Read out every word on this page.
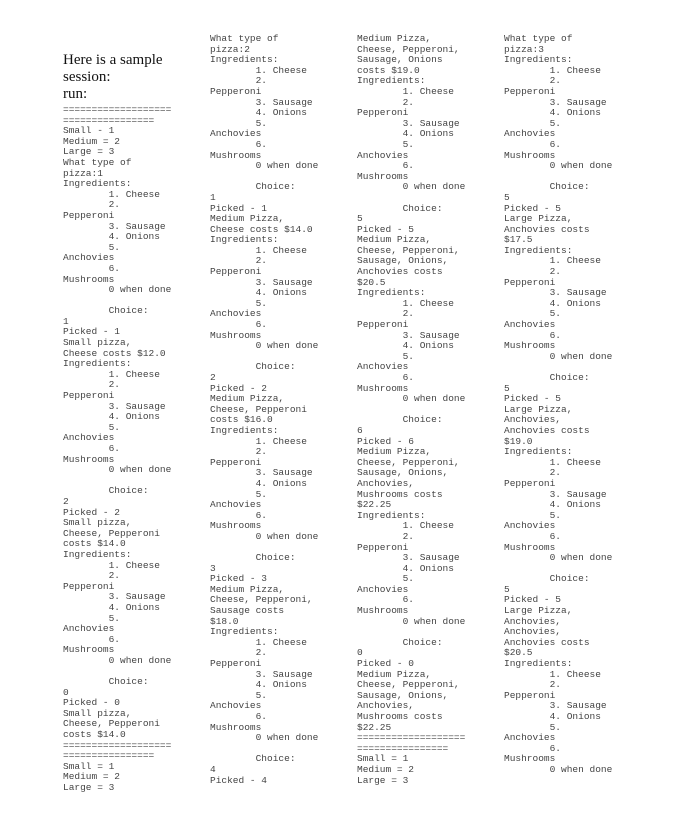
Here is a sample
session:
run:
===================
================
Small - 1
Medium = 2
Large = 3
What type of
pizza:1
Ingredients:
1. Cheese
2.
Pepperoni
3. Sausage
4. Onions
5.
Anchovies
6.
Mushrooms
0 when done

Choice:
1
Picked - 1
Small pizza,
Cheese costs $12.0
Ingredients:
1. Cheese
2.
Pepperoni
3. Sausage
4. Onions
5.
Anchovies
6.
Mushrooms
0 when done

Choice:
2
Picked - 2
Small pizza,
Cheese, Pepperoni
costs $14.0
Ingredients:
1. Cheese
2.
Pepperoni
3. Sausage
4. Onions
5.
Anchovies
6.
Mushrooms
0 when done

Choice:
0
Picked - 0
Small pizza,
Cheese, Pepperoni
costs $14.0
===================
================
Small = 1
Medium = 2
Large = 3
What type of
pizza:2
Ingredients:
1. Cheese
2.
Pepperoni
3. Sausage
4. Onions
5.
Anchovies
6.
Mushrooms
0 when done

Choice:
1
Picked - 1
Medium Pizza,
Cheese costs $14.0
Ingredients:
1. Cheese
2.
Pepperoni
3. Sausage
4. Onions
5.
Anchovies
6.
Mushrooms
0 when done

Choice:
2
Picked - 2
Medium Pizza,
Cheese, Pepperoni
costs $16.0
Ingredients:
1. Cheese
2.
Pepperoni
3. Sausage
4. Onions
5.
Anchovies
6.
Mushrooms
0 when done

Choice:
3
Picked - 3
Medium Pizza,
Cheese, Pepperoni,
Sausage costs
$18.0
Ingredients:
1. Cheese
2.
Pepperoni
3. Sausage
4. Onions
5.
Anchovies
6.
Mushrooms
0 when done

Choice:
4
Picked - 4
Medium Pizza,
Cheese, Pepperoni,
Sausage, Onions
costs $19.0
Ingredients:
1. Cheese
2.
Pepperoni
3. Sausage
4. Onions
5.
Anchovies
6.
Mushrooms
0 when done

Choice:
5
Picked - 5
Medium Pizza,
Cheese, Pepperoni,
Sausage, Onions,
Anchovies costs
$20.5
Ingredients:
1. Cheese
2.
Pepperoni
3. Sausage
4. Onions
5.
Anchovies
6.
Mushrooms
0 when done

Choice:
6
Picked - 6
Medium Pizza,
Cheese, Pepperoni,
Sausage, Onions,
Anchovies,
Mushrooms costs
$22.25
Ingredients:
1. Cheese
2.
Pepperoni
3. Sausage
4. Onions
5.
Anchovies
6.
Mushrooms
0 when done

Choice:
0
Picked - 0
Medium Pizza,
Cheese, Pepperoni,
Sausage, Onions,
Anchovies,
Mushrooms costs
$22.25
===================
================
Small = 1
Medium = 2
Large = 3
What type of
pizza:3
Ingredients:
1. Cheese
2.
Pepperoni
3. Sausage
4. Onions
5.
Anchovies
6.
Mushrooms
0 when done

Choice:
5
Picked - 5
Large Pizza,
Anchovies costs
$17.5
Ingredients:
1. Cheese
2.
Pepperoni
3. Sausage
4. Onions
5.
Anchovies
6.
Mushrooms
0 when done

Choice:
5
Picked - 5
Large Pizza,
Anchovies,
Anchovies costs
$19.0
Ingredients:
1. Cheese
2.
Pepperoni
3. Sausage
4. Onions
5.
Anchovies
6.
Mushrooms
0 when done

Choice:
5
Picked - 5
Large Pizza,
Anchovies,
Anchovies,
Anchovies costs
$20.5
Ingredients:
1. Cheese
2.
Pepperoni
3. Sausage
4. Onions
5.
Anchovies
6.
Mushrooms
0 when done
